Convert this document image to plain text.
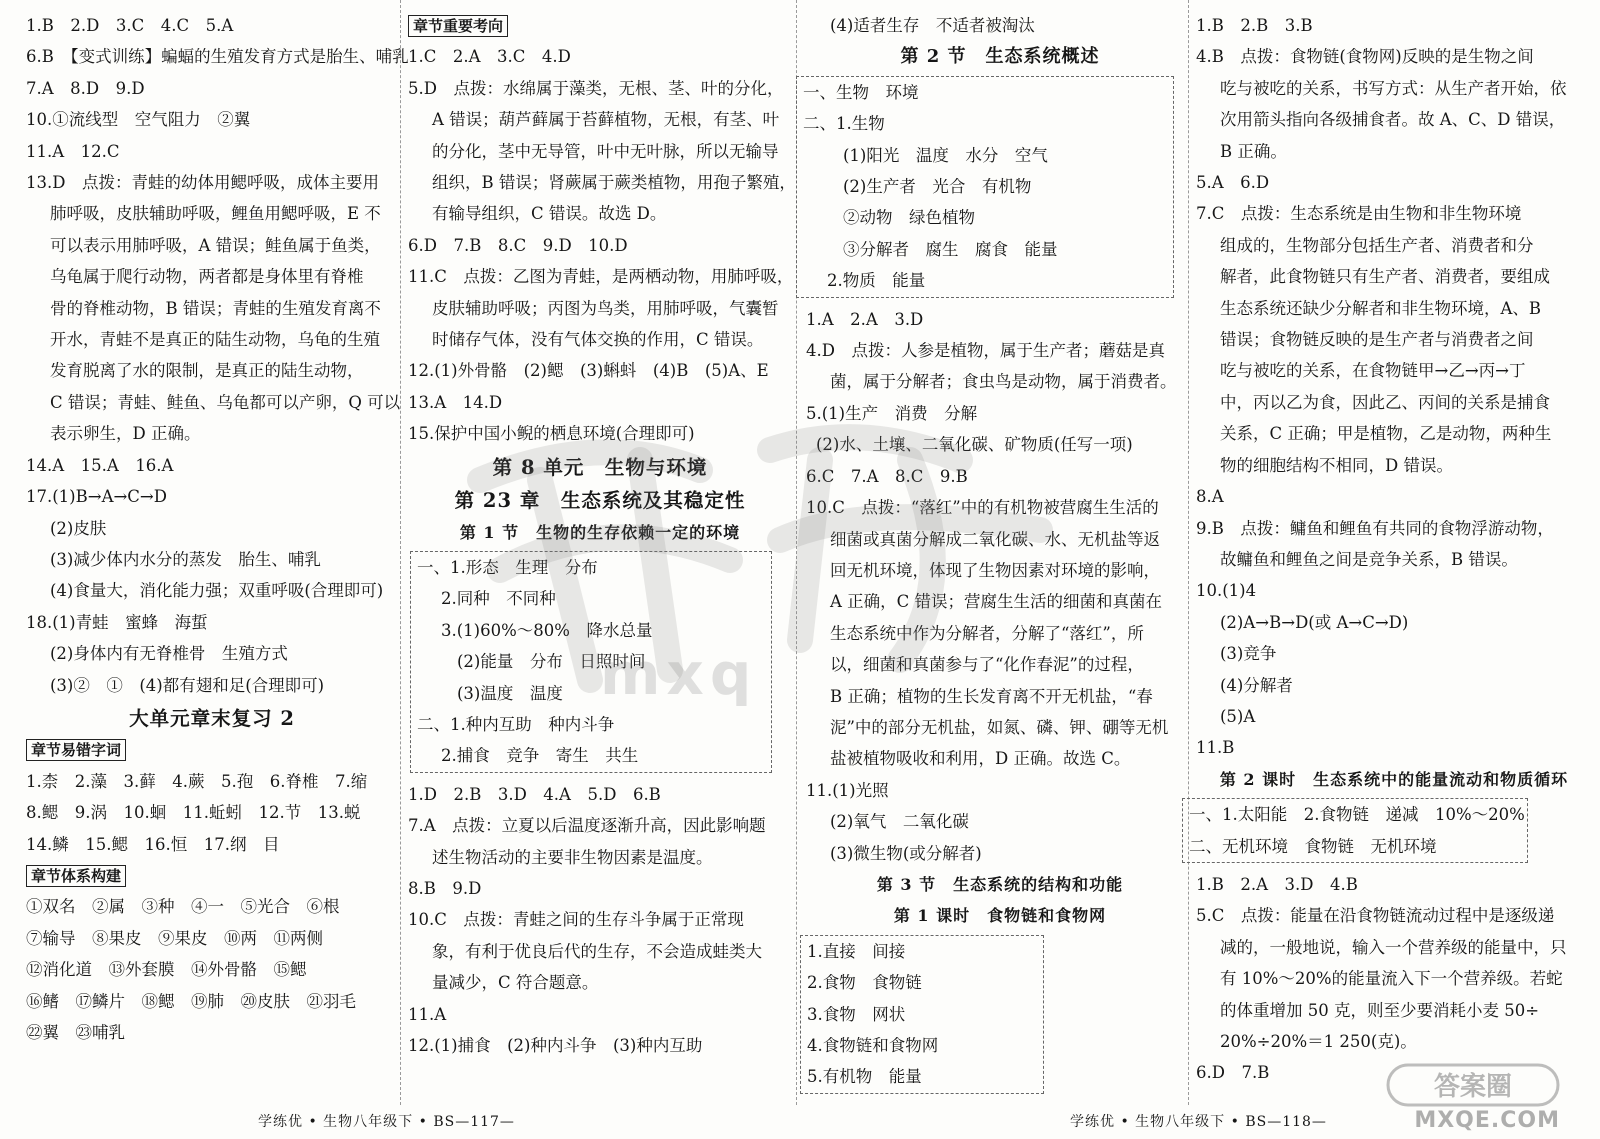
1.B　2.D　3.C　4.C　5.A
6.B　【变式训练】蝙蝠的生殖发育方式是胎生、哺乳
7.A　8.D　9.D
10.①流线型　空气阻力　②翼
11.A　12.C
13.D　点拨：青蛙的幼体用鳃呼吸，成体主要用
肺呼吸，皮肤辅助呼吸，鲤鱼用鳃呼吸，E 不
可以表示用肺呼吸，A 错误；鲑鱼属于鱼类，
乌龟属于爬行动物，两者都是身体里有脊椎
骨的脊椎动物，B 错误；青蛙的生殖发育离不
开水，青蛙不是真正的陆生动物，乌龟的生殖
发育脱离了水的限制，是真正的陆生动物，
C 错误；青蛙、鲑鱼、乌龟都可以产卵，Q 可以
表示卵生，D 正确。
14.A　15.A　16.A
17.(1)B→A→C→D
(2)皮肤
(3)减少体内水分的蒸发　胎生、哺乳
(4)食量大，消化能力强；双重呼吸(合理即可)
18.(1)青蛙　蜜蜂　海蜇
(2)身体内有无脊椎骨　生殖方式
(3)②　①　(4)都有翅和足(合理即可)
大单元章末复习 2
章节易错字词
1.柰　2.藻　3.藓　4.蕨　5.孢　6.脊椎　7.缩
8.鳃　9.涡　10.蛔　11.蚯蚓　12.节　13.蜕
14.鳞　15.鳃　16.恒　17.纲　目
章节体系构建
①双名　②属　③种　④一　⑤光合　⑥根
⑦输导　⑧果皮　⑨果皮　⑩两　⑪两侧
⑫消化道　⑬外套膜　⑭外骨骼　⑮鳃
⑯鳍　⑰鳞片　⑱鳃　⑲肺　⑳皮肤　㉑羽毛
㉒翼　㉓哺乳
章节重要考向
1.C　2.A　3.C　4.D
5.D　点拨：水绵属于藻类，无根、茎、叶的分化，
A 错误；葫芦藓属于苔藓植物，无根，有茎、叶
的分化，茎中无导管，叶中无叶脉，所以无输导
组织，B 错误；肾蕨属于蕨类植物，用孢子繁殖，
有输导组织，C 错误。故选 D。
6.D　7.B　8.C　9.D　10.D
11.C　点拨：乙图为青蛙，是两栖动物，用肺呼吸，
皮肤辅助呼吸；丙图为鸟类，用肺呼吸，气囊暂
时储存气体，没有气体交换的作用，C 错误。
12.(1)外骨骼　(2)鳃　(3)蝌蚪　(4)B　(5)A、E
13.A　14.D
15.保护中国小鲵的栖息环境(合理即可)
第 8 单元　生物与环境
第 23 章　生态系统及其稳定性
第 1 节　生物的生存依赖一定的环境
一、1.形态　生理　分布
2.同种　不同种
3.(1)60%～80%　降水总量
(2)能量　分布　日照时间
(3)温度　温度
二、1.种内互助　种内斗争
2.捕食　竞争　寄生　共生
1.D　2.B　3.D　4.A　5.D　6.B
7.A　点拨：立夏以后温度逐渐升高，因此影响题
述生物活动的主要非生物因素是温度。
8.B　9.D
10.C　点拨：青蛙之间的生存斗争属于正常现
象，有利于优良后代的生存，不会造成蛙类大
量减少，C 符合题意。
11.A
12.(1)捕食　(2)种内斗争　(3)种内互助
(4)适者生存　不适者被淘汰
第 2 节　生态系统概述
一、生物　环境
二、1.生物
(1)阳光　温度　水分　空气
(2)生产者　光合　有机物
②动物　绿色植物
③分解者　腐生　腐食　能量
2.物质　能量
1.A　2.A　3.D
4.D　点拨：人参是植物，属于生产者；蘑菇是真
菌，属于分解者；食虫鸟是动物，属于消费者。
5.(1)生产　消费　分解
(2)水、土壤、二氧化碳、矿物质(任写一项)
6.C　7.A　8.C　9.B
10.C　点拨：“落红”中的有机物被营腐生生活的
细菌或真菌分解成二氧化碳、水、无机盐等返
回无机环境，体现了生物因素对环境的影响，
A 正确，C 错误；营腐生生活的细菌和真菌在
生态系统中作为分解者，分解了“落红”，所
以，细菌和真菌参与了“化作春泥”的过程，
B 正确；植物的生长发育离不开无机盐，“春
泥”中的部分无机盐，如氮、磷、钾、硼等无机
盐被植物吸收和利用，D 正确。故选 C。
11.(1)光照
(2)氧气　二氧化碳
(3)微生物(或分解者)
第 3 节　生态系统的结构和功能
第 1 课时　食物链和食物网
1.直接　间接
2.食物　食物链
3.食物　网状
4.食物链和食物网
5.有机物　能量
1.B　2.B　3.B
4.B　点拨：食物链(食物网)反映的是生物之间
吃与被吃的关系，书写方式：从生产者开始，依
次用箭头指向各级捕食者。故 A、C、D 错误，
B 正确。
5.A　6.D
7.C　点拨：生态系统是由生物和非生物环境
组成的，生物部分包括生产者、消费者和分
解者，此食物链只有生产者、消费者，要组成
生态系统还缺少分解者和非生物环境，A、B
错误；食物链反映的是生产者与消费者之间
吃与被吃的关系，在食物链甲→乙→丙→丁
中，丙以乙为食，因此乙、丙间的关系是捕食
关系，C 正确；甲是植物，乙是动物，两种生
物的细胞结构不相同，D 错误。
8.A
9.B　点拨：鳙鱼和鲤鱼有共同的食物浮游动物，
故鳙鱼和鲤鱼之间是竞争关系，B 错误。
10.(1)4
(2)A→B→D(或 A→C→D)
(3)竞争
(4)分解者
(5)A
11.B
第 2 课时　生态系统中的能量流动和物质循环
一、1.太阳能　2.食物链　递减　10%～20%
二、无机环境　食物链　无机环境
1.B　2.A　3.D　4.B
5.C　点拨：能量在沿食物链流动过程中是逐级递
减的，一般地说，输入一个营养级的能量中，只
有 10%～20%的能量流入下一个营养级。若蛇
的体重增加 50 克，则至少要消耗小麦 50÷
20%÷20%＝1 250(克)。
6.D　7.B
mxq
答案圈
MXQE.COM
学练优 • 生物八年级下 • BS—117—	学练优 • 生物八年级下 • BS—118—
